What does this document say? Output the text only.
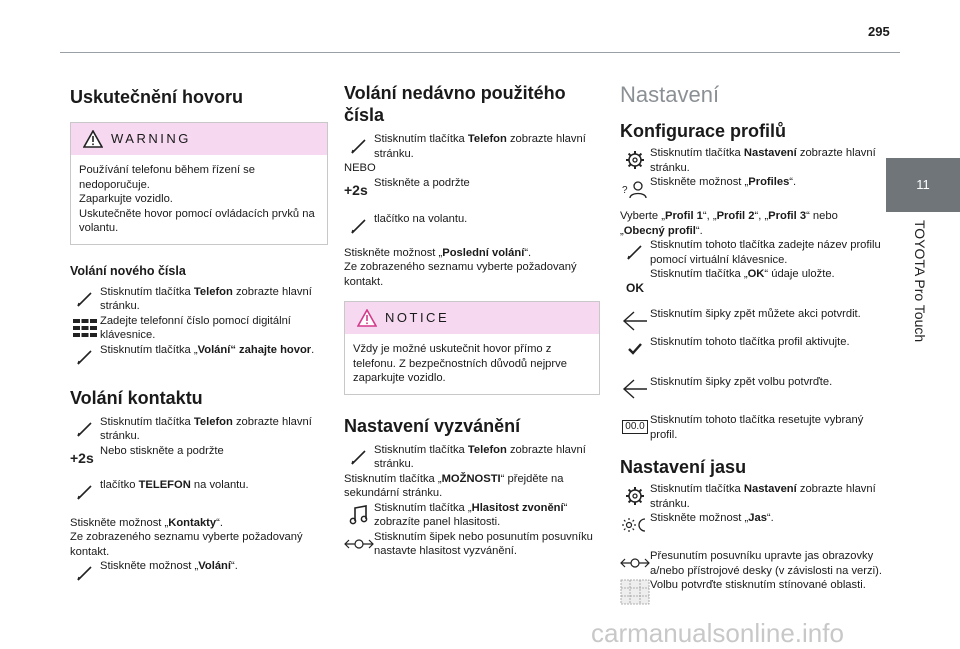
295
11
TOYOTA Pro Touch
Uskutečnění hovoru
WARNING

Používání telefonu během řízení se nedoporučuje.

Zaparkujte vozidlo.

Uskutečněte hovor pomocí ovládacích prvků na volantu.

Volání nového čísla
Stisknutím tlačítka Telefon zobrazte hlavní stránku.
Zadejte telefonní číslo pomocí digitální klávesnice.
Stisknutím tlačítka „Volání“ zahajte hovor.
Volání kontaktu
Stisknutím tlačítka Telefon zobrazte hlavní stránku.
+2s Nebo stiskněte a podržte
tlačítko TELEFON na volantu.

Stiskněte možnost „Kontakty“.

Ze zobrazeného seznamu vyberte požadovaný kontakt.

Stiskněte možnost „Volání“.
Volání nedávno použitého čísla
Stisknutím tlačítka Telefon zobrazte hlavní stránku.

NEBO

+2s Stiskněte a podržte
tlačítko na volantu.

Stiskněte možnost „Poslední volání“.

Ze zobrazeného seznamu vyberte požadovaný kontakt.

NOTICE
Vždy je možné uskutečnit hovor přímo z telefonu. Z bezpečnostních důvodů nejprve zaparkujte vozidlo.
Nastavení vyzvánění
Stisknutím tlačítka Telefon zobrazte hlavní stránku.

Stisknutím tlačítka „MOŽNOSTI“ přejděte na sekundární stránku.

Stisknutím tlačítka „Hlasitost zvonění“ zobrazíte panel hlasitosti.
Stisknutím šipek nebo posunutím posuvníku nastavte hlasitost vyzvánění.
Nastavení
Konfigurace profilů
Stisknutím tlačítka Nastavení zobrazte hlavní stránku.
?
Stiskněte možnost „Profiles“.

Vyberte „Profil 1“, „Profil 2“, „Profil 3“ nebo „Obecný profil“.

Stisknutím tohoto tlačítka zadejte název profilu pomocí virtuální klávesnice.
OK
Stisknutím tlačítka „OK“ údaje uložte.
Stisknutím šipky zpět můžete akci potvrdit.
Stisknutím tohoto tlačítka profil aktivujte.
Stisknutím šipky zpět volbu potvrďte.
00.0
Stisknutím tohoto tlačítka resetujte vybraný profil.
Nastavení jasu
Stisknutím tlačítka Nastavení zobrazte hlavní stránku.
Stiskněte možnost „Jas“.
Přesunutím posuvníku upravte jas obrazovky a/nebo přístrojové desky (v závislosti na verzi).
Volbu potvrďte stisknutím stínované oblasti.
carmanualsonline.info
